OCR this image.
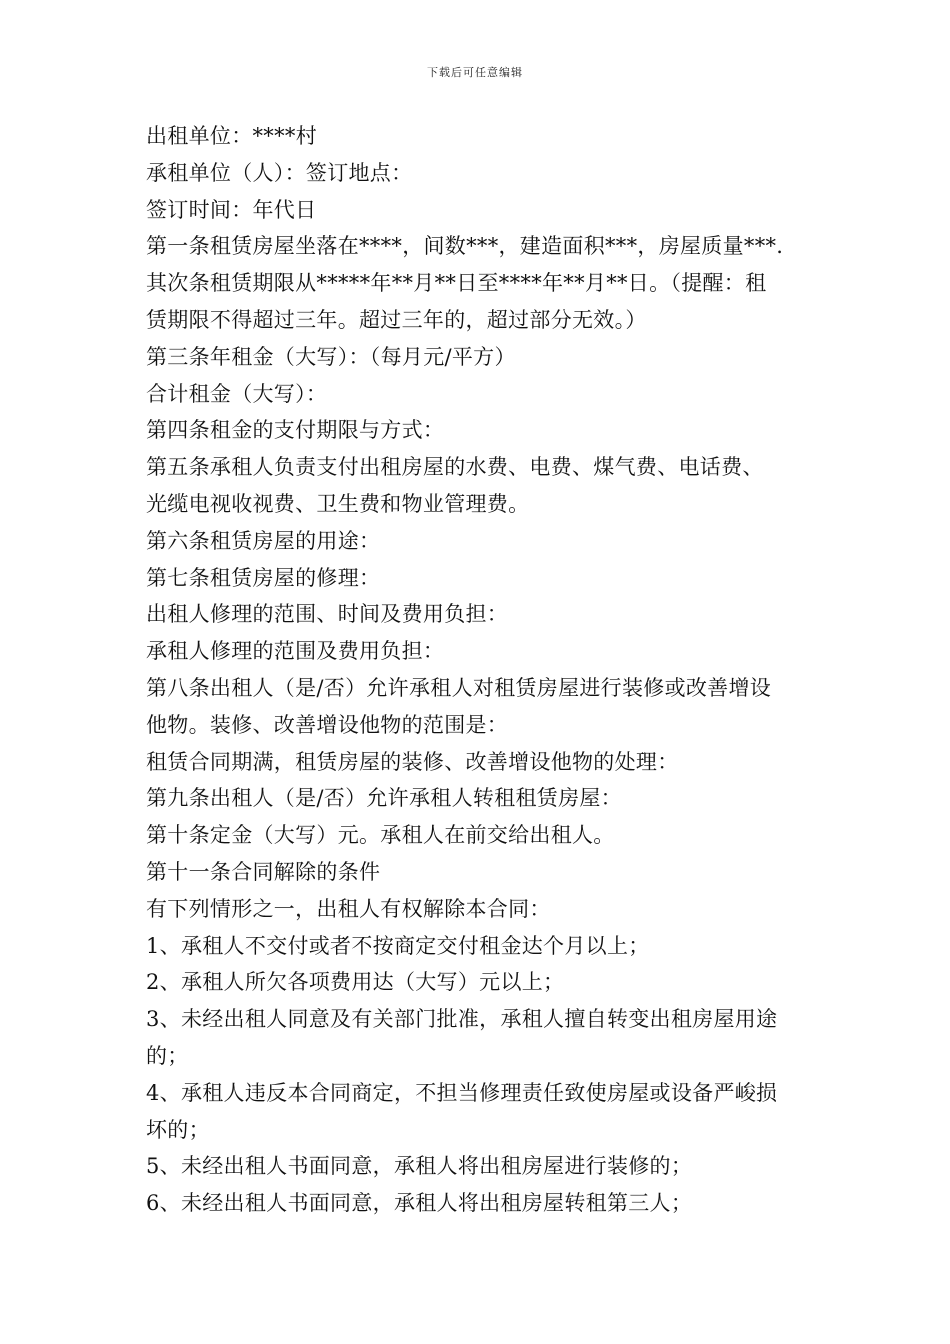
下载后可任意编辑
出租单位：****村
承租单位（人）：签订地点：
签订时间：年代日
第一条租赁房屋坐落在****，间数***，建造面积***，房屋质量***.
其次条租赁期限从*****年**月**日至****年**月**日。（提醒：租
赁期限不得超过三年。超过三年的，超过部分无效。）
第三条年租金（大写）：（每月元/平方）
合计租金（大写）：
第四条租金的支付期限与方式：
第五条承租人负责支付出租房屋的水费、电费、煤气费、电话费、
光缆电视收视费、卫生费和物业管理费。
第六条租赁房屋的用途：
第七条租赁房屋的修理：
出租人修理的范围、时间及费用负担：
承租人修理的范围及费用负担：
第八条出租人（是/否）允许承租人对租赁房屋进行装修或改善增设
他物。装修、改善增设他物的范围是：
租赁合同期满，租赁房屋的装修、改善增设他物的处理：
第九条出租人（是/否）允许承租人转租租赁房屋：
第十条定金（大写）元。承租人在前交给出租人。
第十一条合同解除的条件
有下列情形之一，出租人有权解除本合同：
1、承租人不交付或者不按商定交付租金达个月以上；
2、承租人所欠各项费用达（大写）元以上；
3、未经出租人同意及有关部门批准，承租人擅自转变出租房屋用途
的；
4、承租人违反本合同商定，不担当修理责任致使房屋或设备严峻损
坏的；
5、未经出租人书面同意，承租人将出租房屋进行装修的；
6、未经出租人书面同意，承租人将出租房屋转租第三人；
